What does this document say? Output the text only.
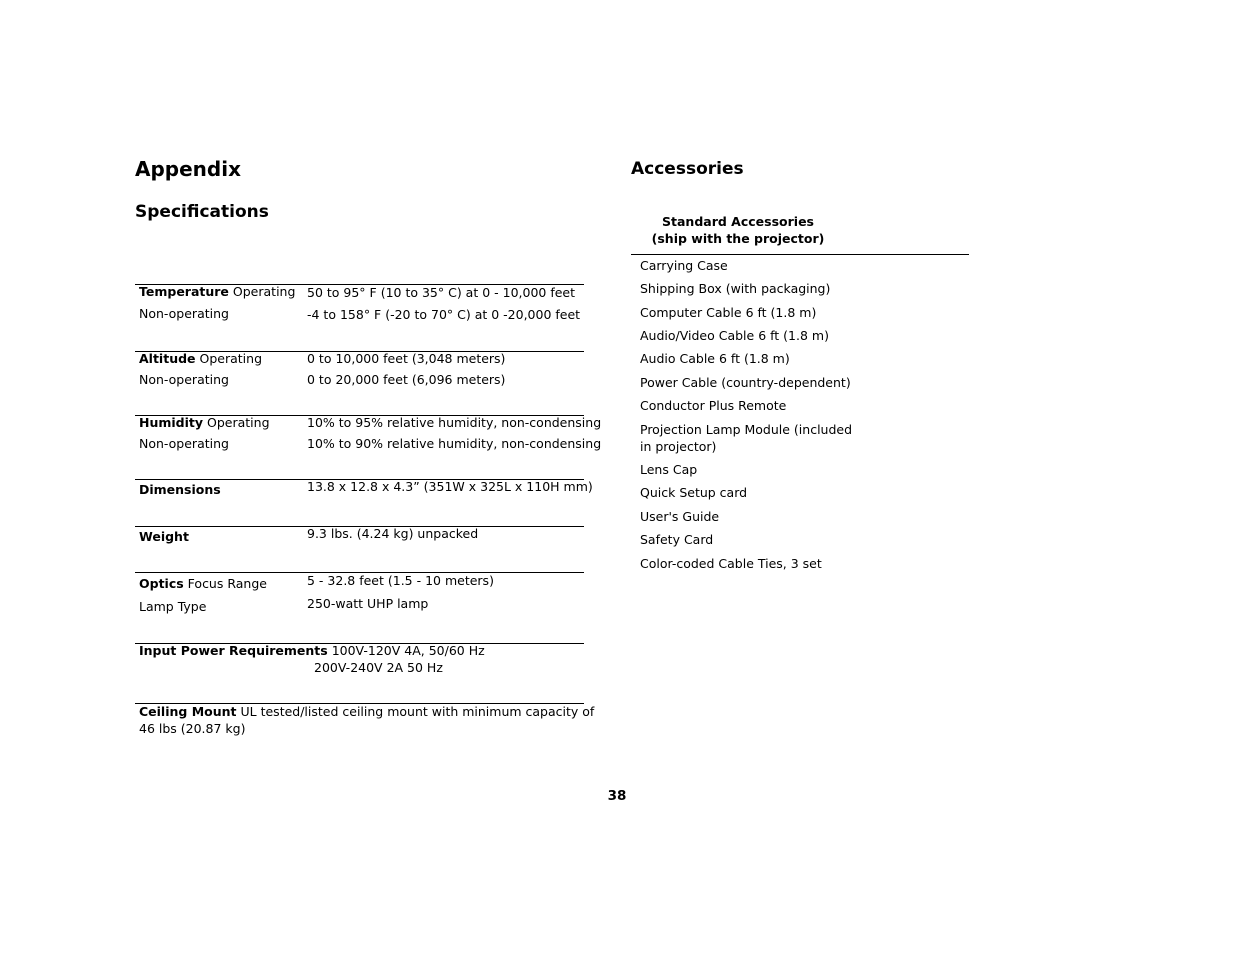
Appendix
Specifications
Temperature Operating 50 to 95° F (10 to 35° C) at 0 - 10,000 feet
Non-operating	-4 to 158° F (-20 to 70° C) at 0 -20,000 feet
Altitude Operating	0 to 10,000 feet (3,048 meters)
Non-operating	0 to 20,000 feet (6,096 meters)
Humidity Operating	10% to 95% relative humidity, non-condensing
Non-operating	10% to 90% relative humidity, non-condensing
Dimensions	13.8 x 12.8 x 4.3” (351W x 325L x 110H mm)
Weight	9.3 lbs. (4.24 kg) unpacked
Optics Focus Range	5 - 32.8 feet (1.5 - 10 meters)
Lamp Type	250-watt UHP lamp
Input Power Requirements 100V-120V 4A, 50/60 Hz
200V-240V 2A 50 Hz
Ceiling Mount UL tested/listed ceiling mount with minimum capacity of
46 lbs (20.87 kg)
Accessories
Standard Accessories
(ship with the projector)
Carrying Case
Shipping Box (with packaging)
Computer Cable 6 ft (1.8 m)
Audio/Video Cable 6 ft (1.8 m)
Audio Cable 6 ft (1.8 m)
Power Cable (country-dependent)
Conductor Plus Remote
Projection Lamp Module (included
in projector)
Lens Cap
Quick Setup card
User's Guide
Safety Card
Color-coded Cable Ties, 3 set
38
